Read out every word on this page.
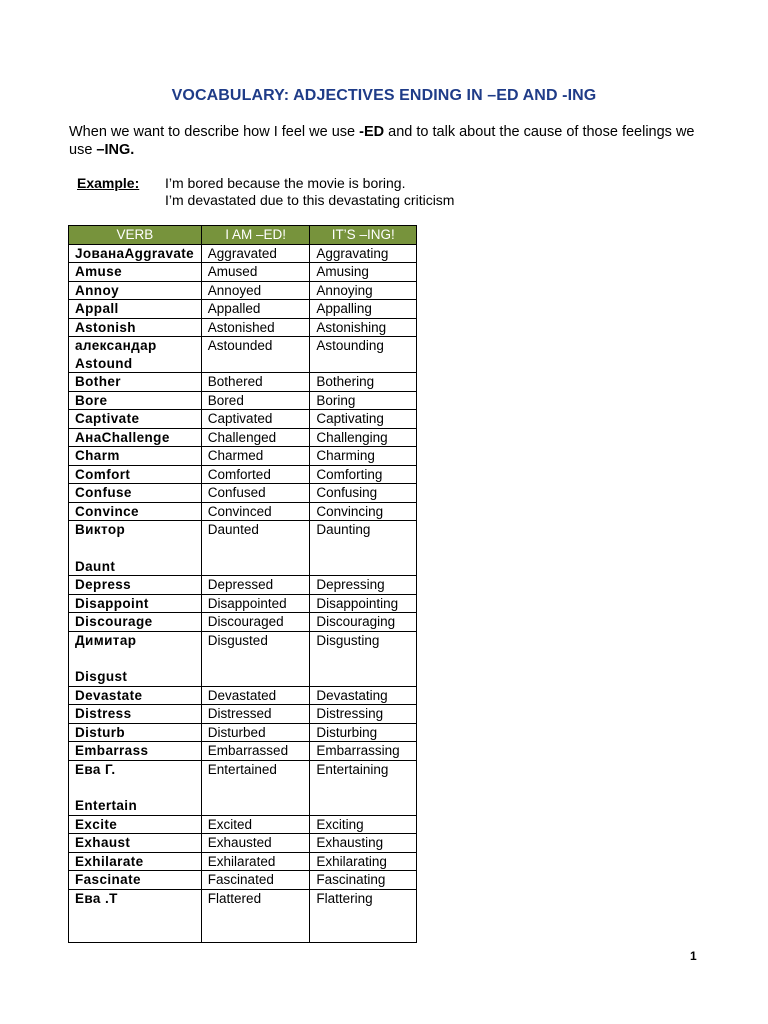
VOCABULARY: ADJECTIVES ENDING IN –ED AND -ING
When we want to describe how I feel we use -ED and to talk about the cause of those feelings we use –ING.
Example: I’m bored because the movie is boring.
I’m devastated due to this devastating criticism
VERB	I AM –ED!	IT’S –ING!
JoванаAggravate	Aggravated	Aggravating
Amuse	Amused	Amusing
Annoy	Annoyed	Annoying
Appall	Appalled	Appalling
Astonish	Astonished	Astonishing
александар Astound	Astounded	Astounding
Bother	Bothered	Bothering
Bore	Bored	Boring
Captivate	Captivated	Captivating
АнаChallenge	Challenged	Challenging
Charm	Charmed	Charming
Comfort	Comforted	Comforting
Confuse	Confused	Confusing
Convince	Convinced	Convincing
Виктор
Daunt	Daunted	Daunting
Depress	Depressed	Depressing
Disappoint	Disappointed	Disappointing
Discourage	Discouraged	Discouraging
Димитар
Disgust	Disgusted	Disgusting
Devastate	Devastated	Devastating
Distress	Distressed	Distressing
Disturb	Disturbed	Disturbing
Embarrass	Embarrassed	Embarrassing
Ева Г.
Entertain	Entertained	Entertaining
Excite	Excited	Exciting
Exhaust	Exhausted	Exhausting
Exhilarate	Exhilarated	Exhilarating
Fascinate	Fascinated	Fascinating
Ева .T	Flattered	Flattering
1
